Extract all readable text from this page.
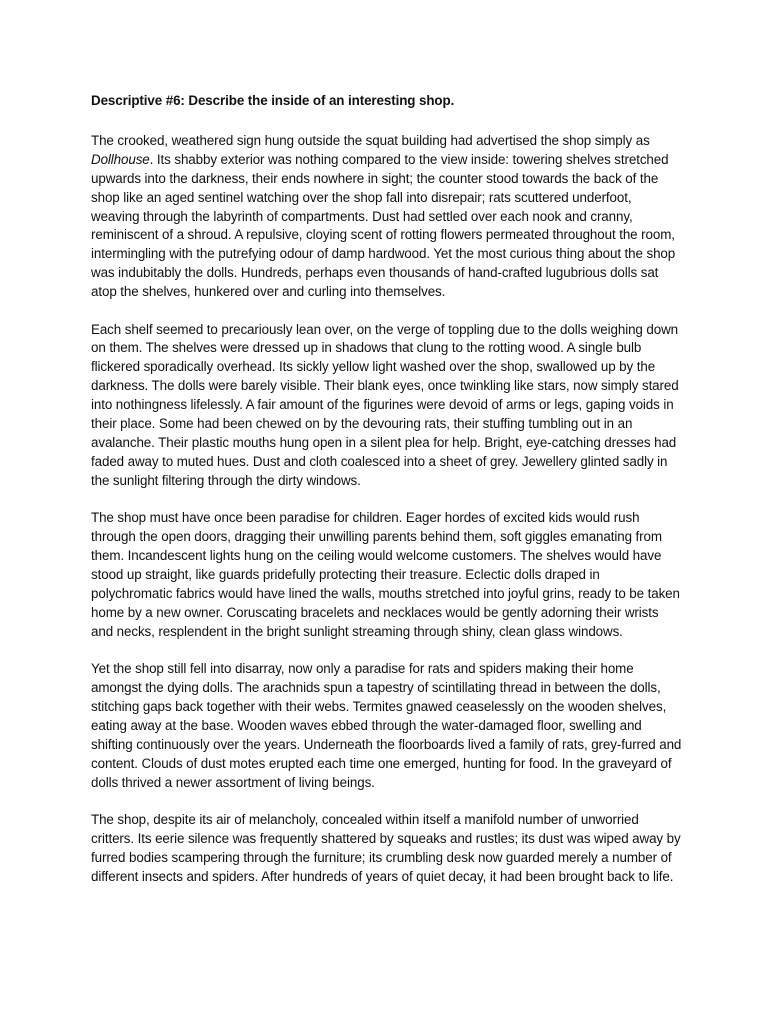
Descriptive #6: Describe the inside of an interesting shop.

The crooked, weathered sign hung outside the squat building had advertised the shop simply as Dollhouse. Its shabby exterior was nothing compared to the view inside: towering shelves stretched upwards into the darkness, their ends nowhere in sight; the counter stood towards the back of the shop like an aged sentinel watching over the shop fall into disrepair; rats scuttered underfoot, weaving through the labyrinth of compartments. Dust had settled over each nook and cranny, reminiscent of a shroud. A repulsive, cloying scent of rotting flowers permeated throughout the room, intermingling with the putrefying odour of damp hardwood. Yet the most curious thing about the shop was indubitably the dolls. Hundreds, perhaps even thousands of hand-crafted lugubrious dolls sat atop the shelves, hunkered over and curling into themselves.

Each shelf seemed to precariously lean over, on the verge of toppling due to the dolls weighing down on them. The shelves were dressed up in shadows that clung to the rotting wood. A single bulb flickered sporadically overhead. Its sickly yellow light washed over the shop, swallowed up by the darkness. The dolls were barely visible. Their blank eyes, once twinkling like stars, now simply stared into nothingness lifelessly. A fair amount of the figurines were devoid of arms or legs, gaping voids in their place. Some had been chewed on by the devouring rats, their stuffing tumbling out in an avalanche. Their plastic mouths hung open in a silent plea for help. Bright, eye-catching dresses had faded away to muted hues. Dust and cloth coalesced into a sheet of grey. Jewellery glinted sadly in the sunlight filtering through the dirty windows.

The shop must have once been paradise for children. Eager hordes of excited kids would rush through the open doors, dragging their unwilling parents behind them, soft giggles emanating from them. Incandescent lights hung on the ceiling would welcome customers. The shelves would have stood up straight, like guards pridefully protecting their treasure. Eclectic dolls draped in polychromatic fabrics would have lined the walls, mouths stretched into joyful grins, ready to be taken home by a new owner. Coruscating bracelets and necklaces would be gently adorning their wrists and necks, resplendent in the bright sunlight streaming through shiny, clean glass windows.

Yet the shop still fell into disarray, now only a paradise for rats and spiders making their home amongst the dying dolls. The arachnids spun a tapestry of scintillating thread in between the dolls, stitching gaps back together with their webs. Termites gnawed ceaselessly on the wooden shelves, eating away at the base. Wooden waves ebbed through the water-damaged floor, swelling and shifting continuously over the years. Underneath the floorboards lived a family of rats, grey-furred and content. Clouds of dust motes erupted each time one emerged, hunting for food. In the graveyard of dolls thrived a newer assortment of living beings.

The shop, despite its air of melancholy, concealed within itself a manifold number of unworried critters. Its eerie silence was frequently shattered by squeaks and rustles; its dust was wiped away by furred bodies scampering through the furniture; its crumbling desk now guarded merely a number of different insects and spiders. After hundreds of years of quiet decay, it had been brought back to life.
